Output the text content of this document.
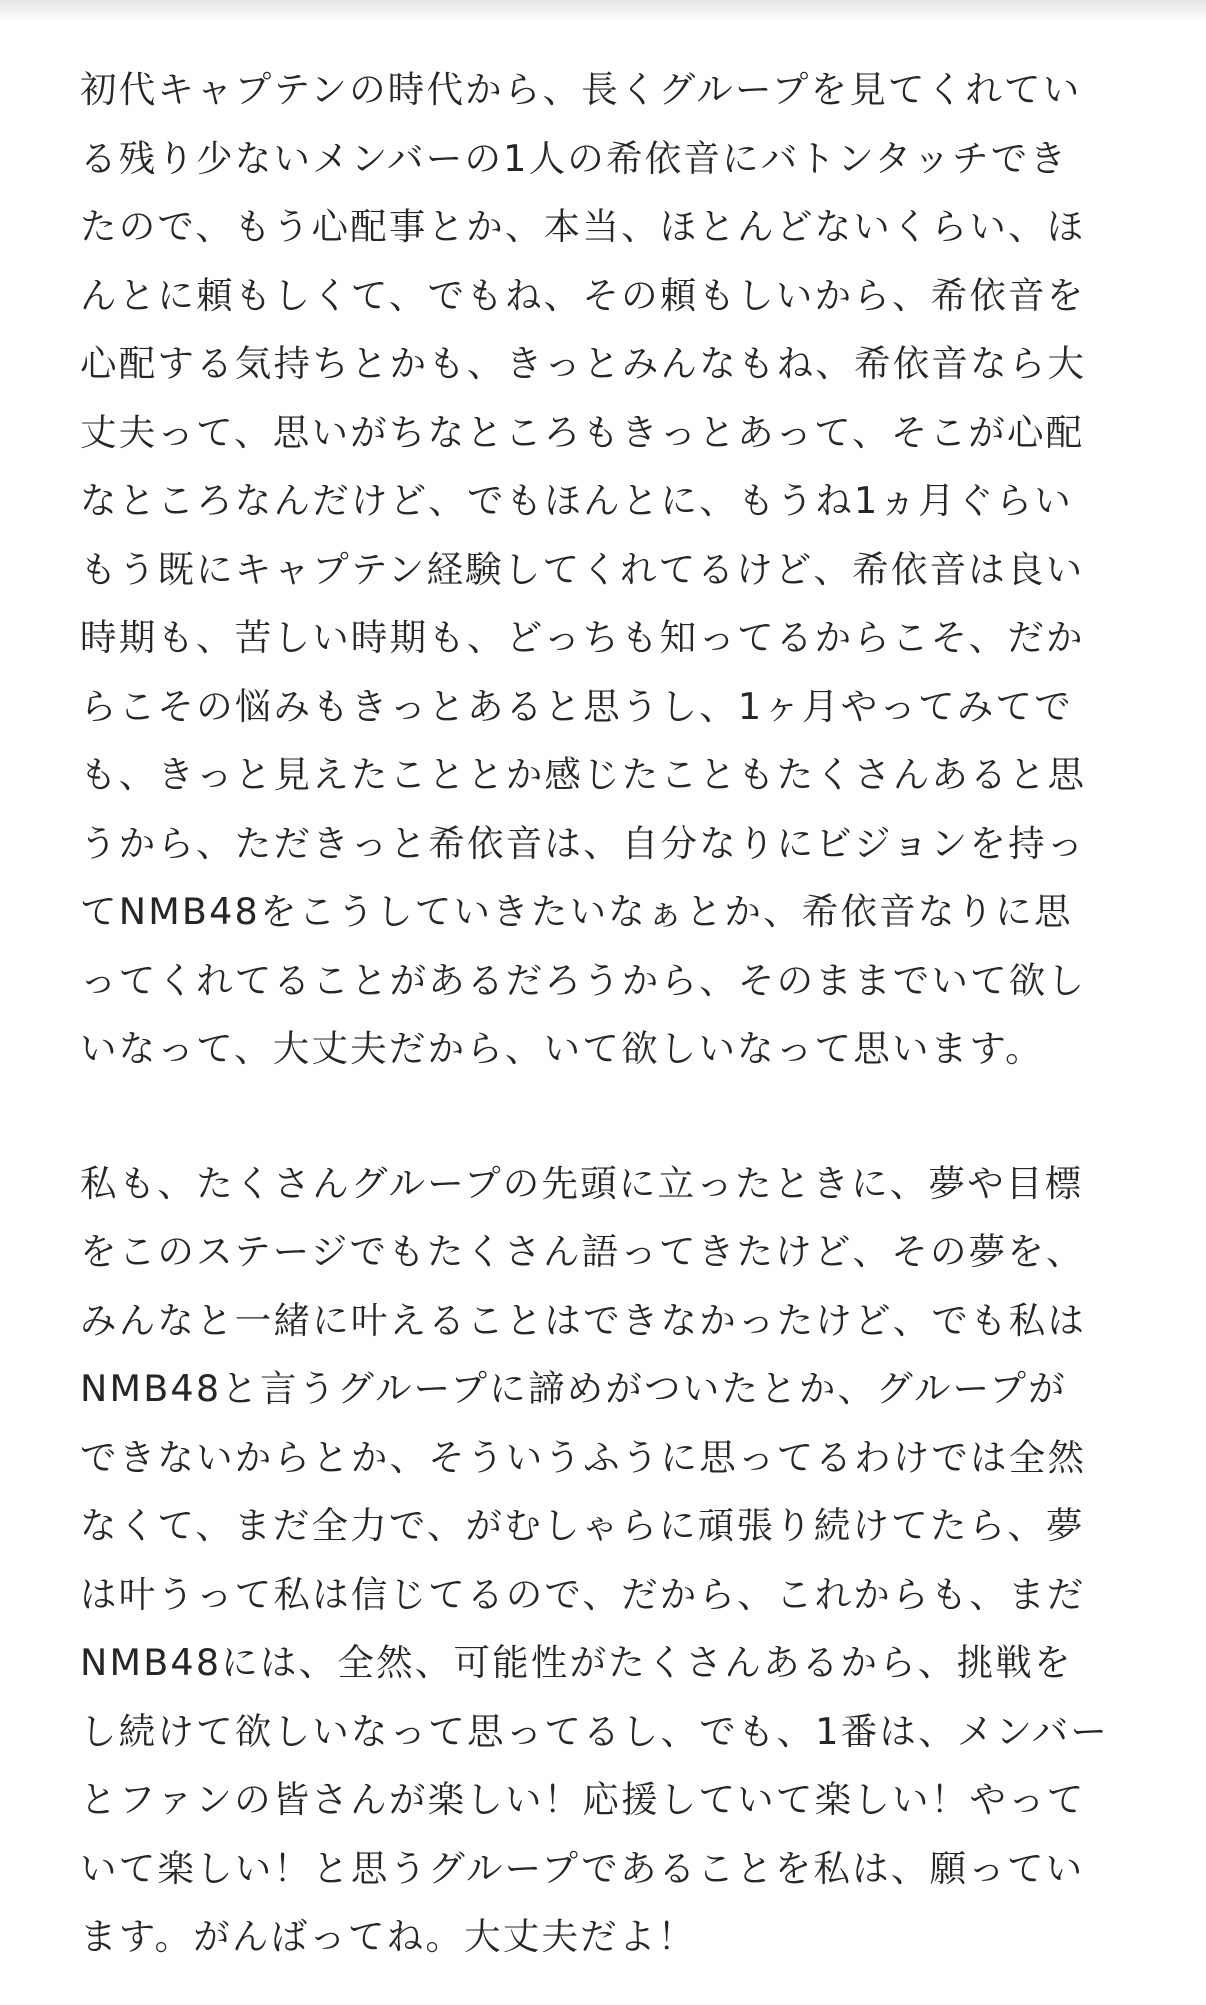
初代キャプテンの時代から、長くグループを見てくれてい
る残り少ないメンバーの1人の希依音にバトンタッチでき
たので、もう心配事とか、本当、ほとんどないくらい、ほ
んとに頼もしくて、でもね、その頼もしいから、希依音を
心配する気持ちとかも、きっとみんなもね、希依音なら大
丈夫って、思いがちなところもきっとあって、そこが心配
なところなんだけど、でもほんとに、もうね1ヵ月ぐらい
もう既にキャプテン経験してくれてるけど、希依音は良い
時期も、苦しい時期も、どっちも知ってるからこそ、だか
らこその悩みもきっとあると思うし、1ヶ月やってみてで
も、きっと見えたこととか感じたこともたくさんあると思
うから、ただきっと希依音は、自分なりにビジョンを持っ
てNMB48をこうしていきたいなぁとか、希依音なりに思
ってくれてることがあるだろうから、そのままでいて欲し
いなって、大丈夫だから、いて欲しいなって思います。
私も、たくさんグループの先頭に立ったときに、夢や目標
をこのステージでもたくさん語ってきたけど、その夢を、
みんなと一緒に叶えることはできなかったけど、でも私は
NMB48と言うグループに諦めがついたとか、グループが
できないからとか、そういうふうに思ってるわけでは全然
なくて、まだ全力で、がむしゃらに頑張り続けてたら、夢
は叶うって私は信じてるので、だから、これからも、まだ
NMB48には、全然、可能性がたくさんあるから、挑戦を
し続けて欲しいなって思ってるし、でも、1番は、メンバー
とファンの皆さんが楽しい！応援していて楽しい！やって
いて楽しい！と思うグループであることを私は、願ってい
ます。がんばってね。大丈夫だよ！
